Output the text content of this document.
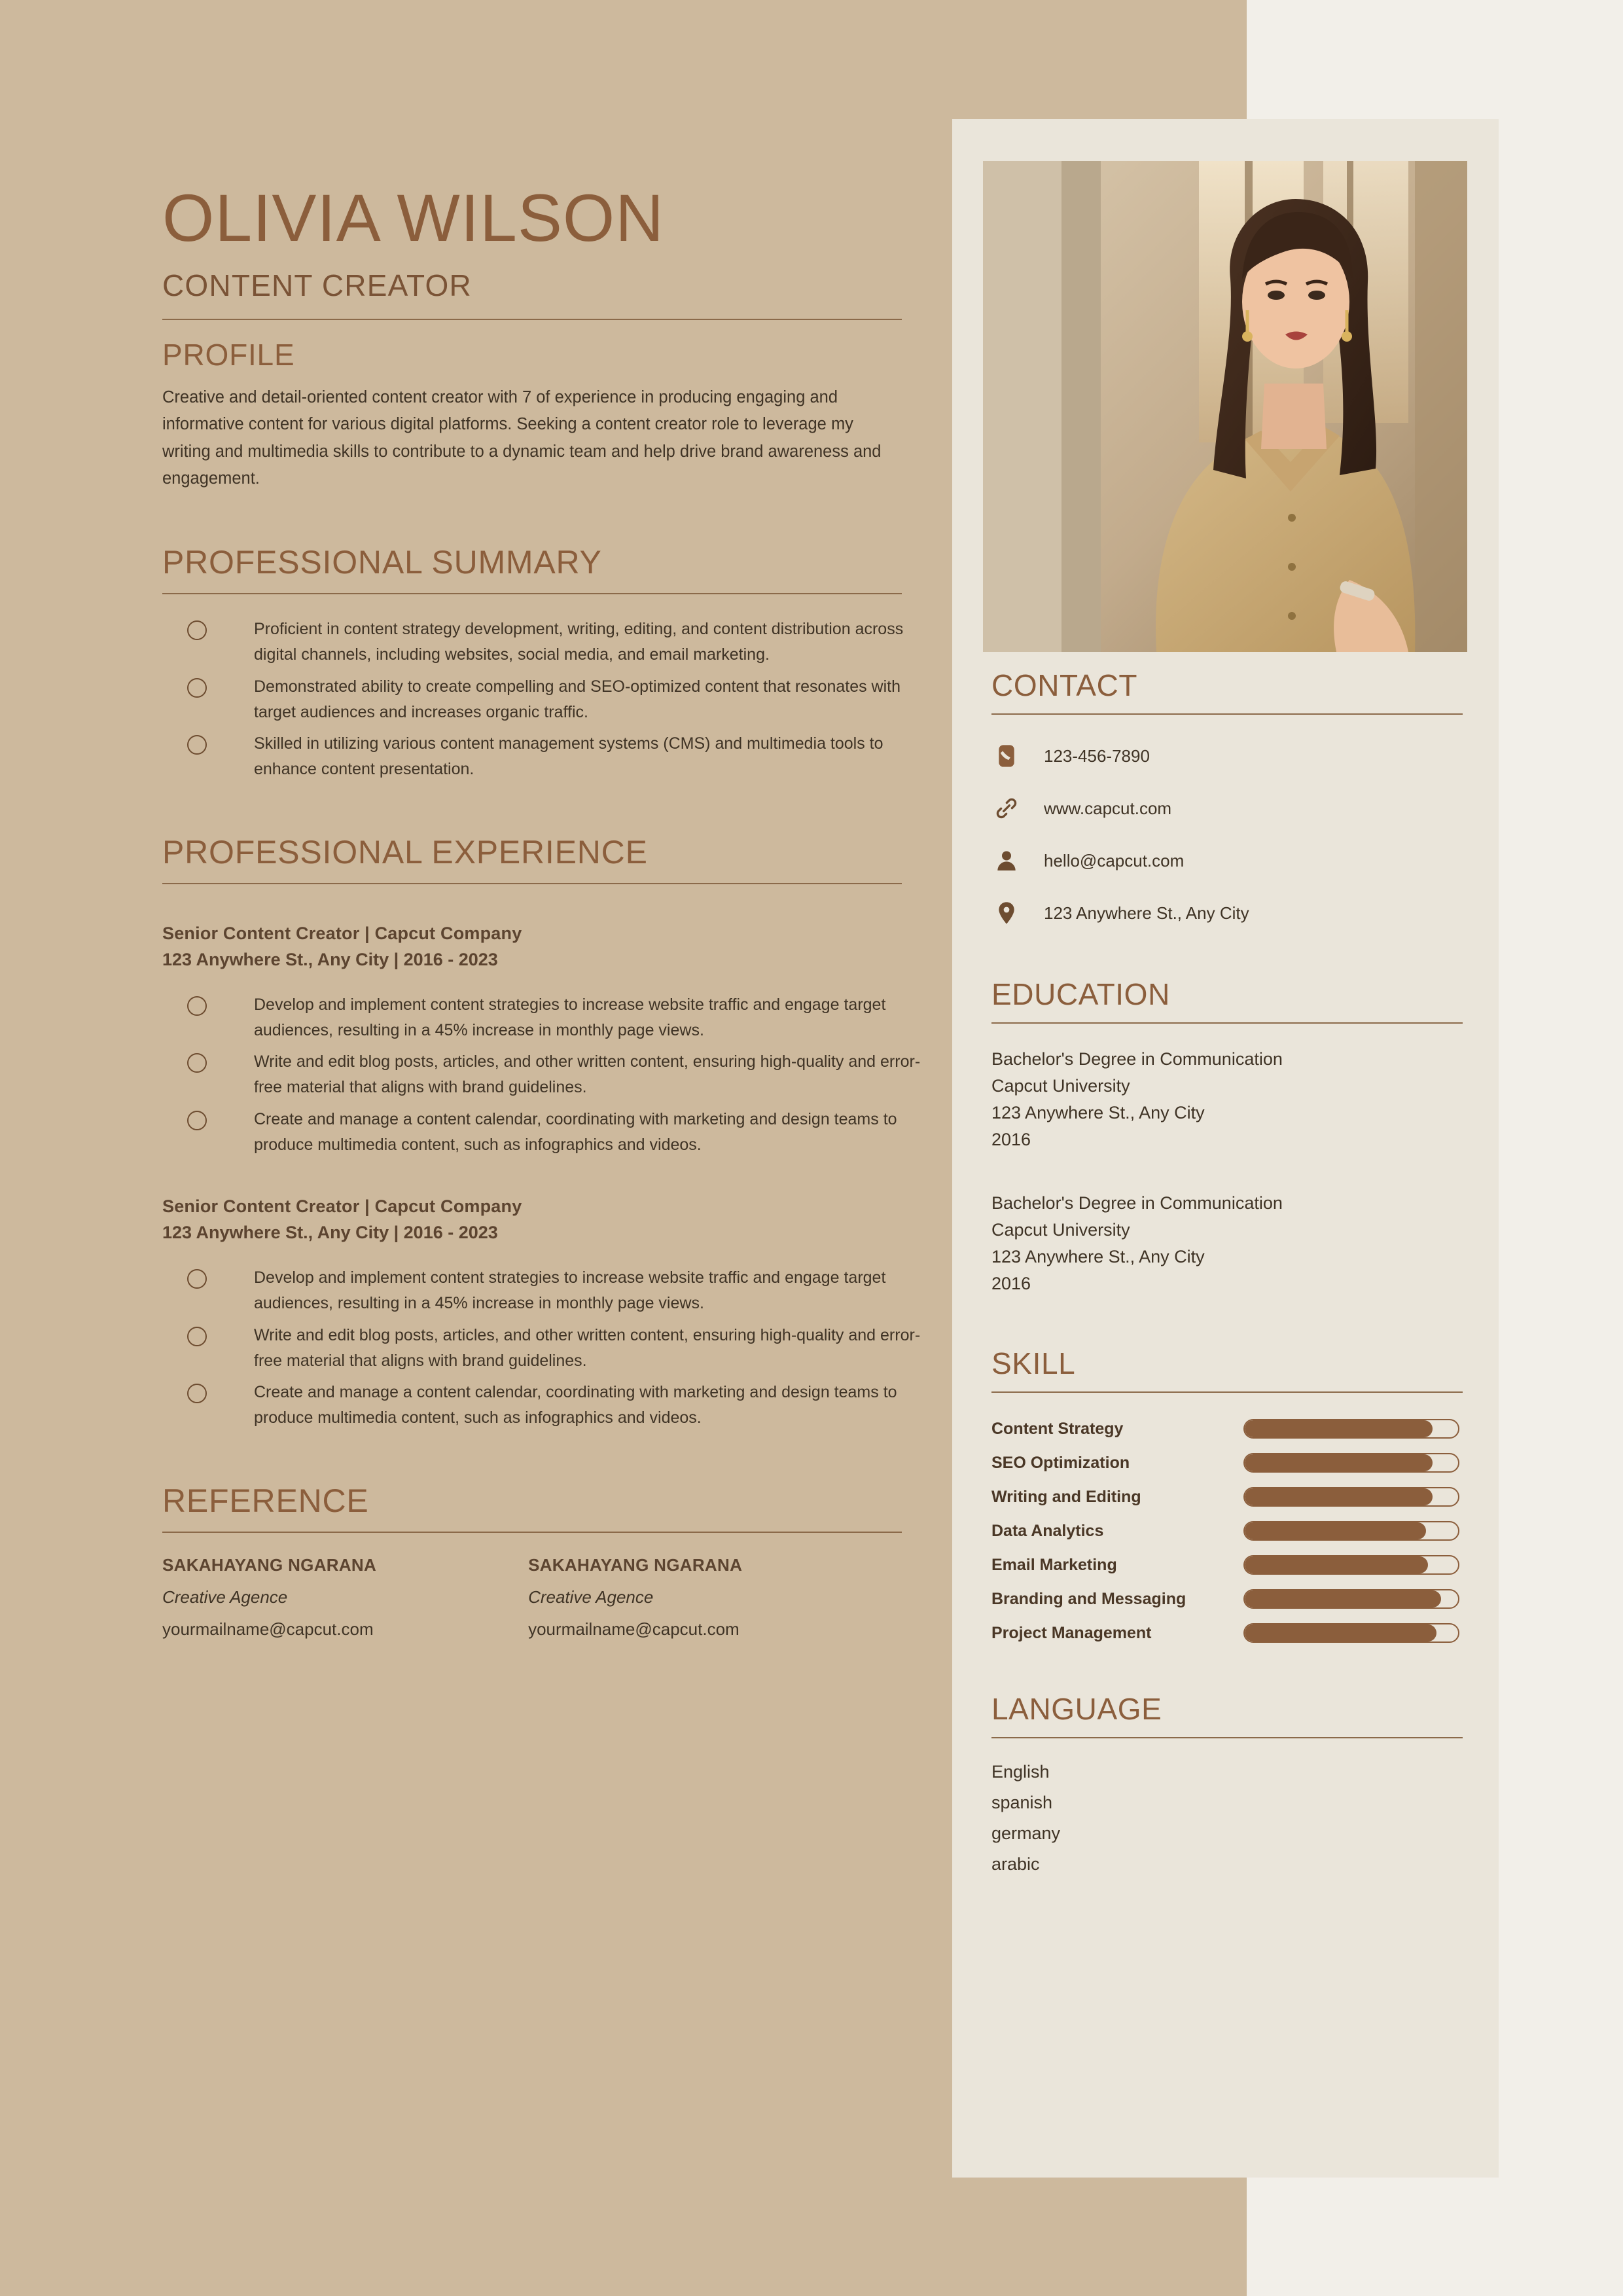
OLIVIA WILSON
CONTENT CREATOR
PROFILE
Creative and detail-oriented content creator with 7 of experience in producing engaging and informative content for various digital platforms. Seeking a content creator role to leverage my writing and multimedia skills to contribute to a dynamic team and help drive brand awareness and engagement.
PROFESSIONAL SUMMARY
Proficient in content strategy development, writing, editing, and content distribution across digital channels, including websites, social media, and email marketing.
Demonstrated ability to create compelling and SEO-optimized content that resonates with target audiences and increases organic traffic.
Skilled in utilizing various content management systems (CMS) and multimedia tools to enhance content presentation.
PROFESSIONAL EXPERIENCE
Senior Content Creator | Capcut Company
123 Anywhere St., Any City | 2016 - 2023
Develop and implement content strategies to increase website traffic and engage target audiences, resulting in a 45% increase in monthly page views.
Write and edit blog posts, articles, and other written content, ensuring high-quality and error-free material that aligns with brand guidelines.
Create and manage a content calendar, coordinating with marketing and design teams to produce multimedia content, such as infographics and videos.
Senior Content Creator | Capcut Company
123 Anywhere St., Any City | 2016 - 2023
Develop and implement content strategies to increase website traffic and engage target audiences, resulting in a 45% increase in monthly page views.
Write and edit blog posts, articles, and other written content, ensuring high-quality and error-free material that aligns with brand guidelines.
Create and manage a content calendar, coordinating with marketing and design teams to produce multimedia content, such as infographics and videos.
REFERENCE
SAKAHAYANG NGARANA
Creative Agence
yourmailname@capcut.com
SAKAHAYANG NGARANA
Creative Agence
yourmailname@capcut.com
CONTACT
123-456-7890
www.capcut.com
hello@capcut.com
123 Anywhere St., Any City
EDUCATION
Bachelor's Degree in Communication
Capcut University
123 Anywhere St., Any City
2016
Bachelor's Degree in Communication
Capcut University
123 Anywhere St., Any City
2016
SKILL
Content Strategy
SEO Optimization
Writing and Editing
Data Analytics
Email Marketing
Branding and Messaging
Project Management
LANGUAGE
English
spanish
germany
arabic
